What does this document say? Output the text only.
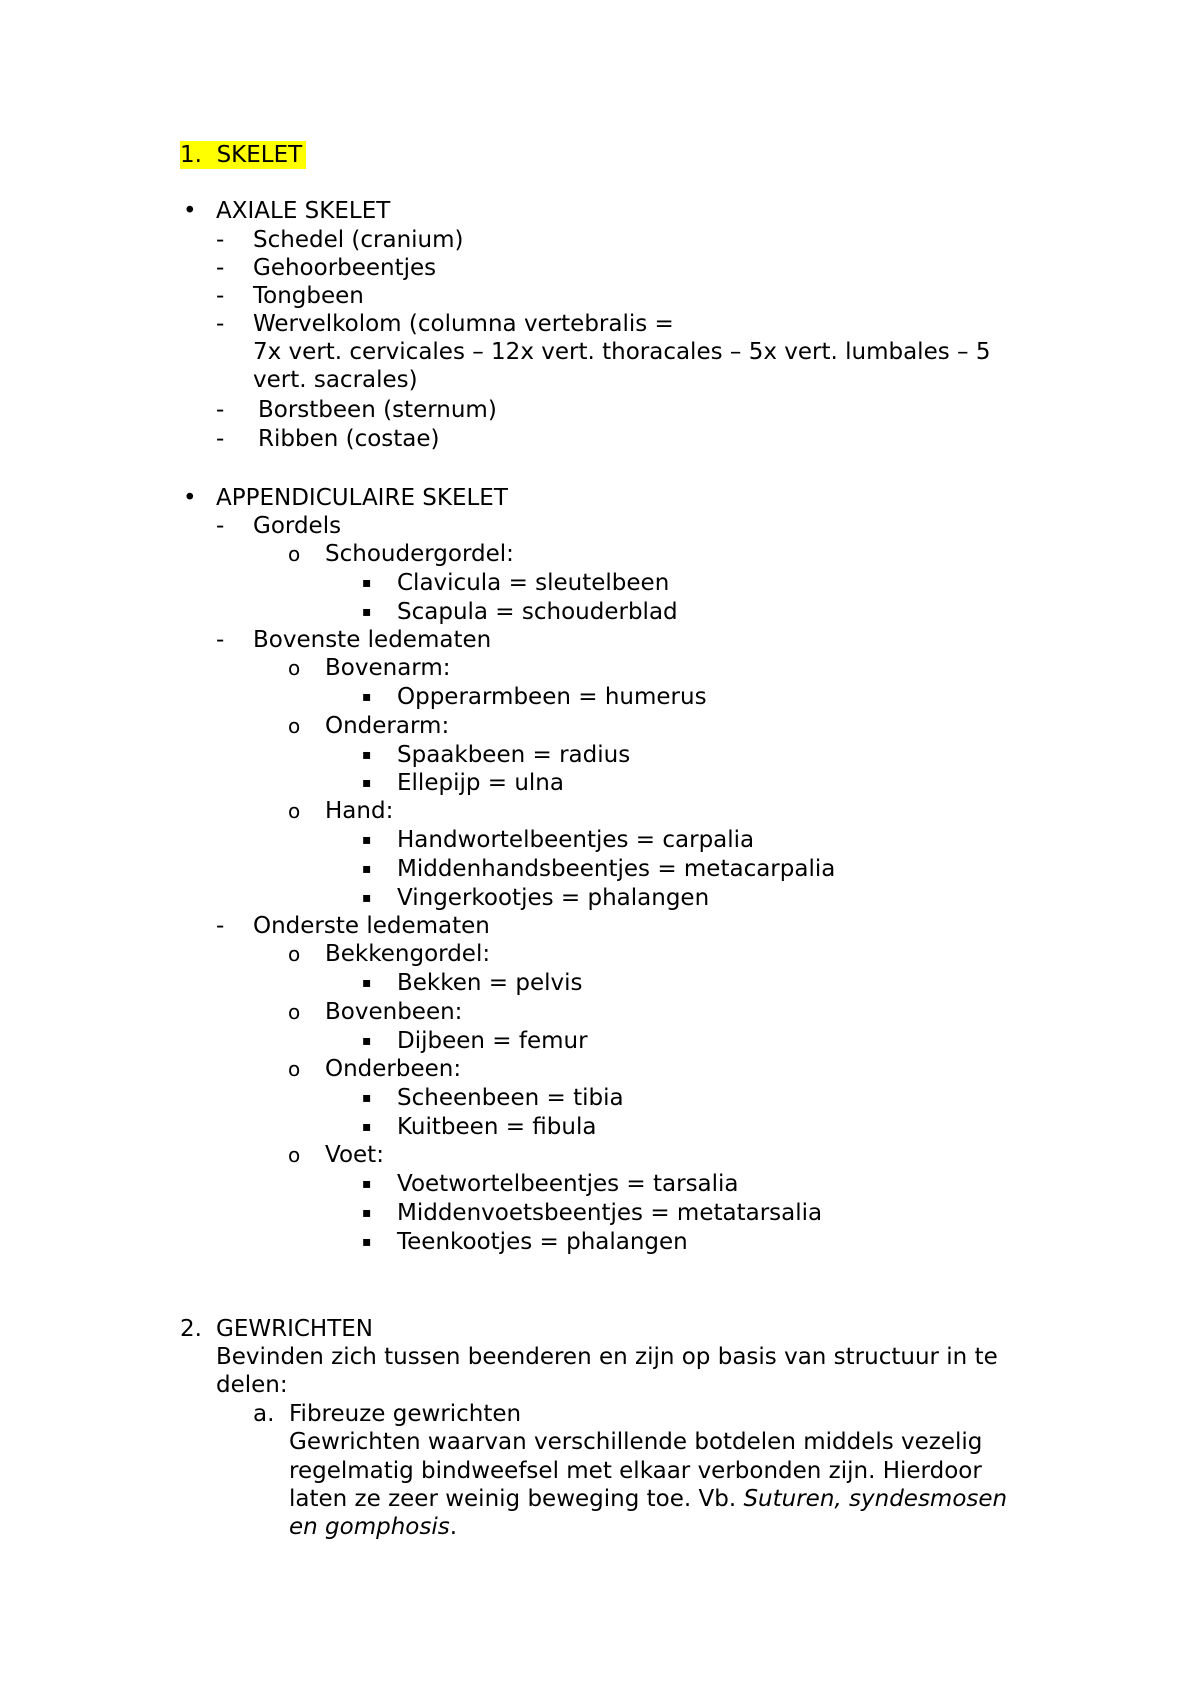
1. SKELET
• AXIALE SKELET
- Schedel (cranium)
- Gehoorbeentjes
- Tongbeen
- Wervelkolom (columna vertebralis =
7x vert. cervicales – 12x vert. thoracales – 5x vert. lumbales – 5
vert. sacrales)
- Borstbeen (sternum)
- Ribben (costae)
• APPENDICULAIRE SKELET
- Gordels
o Schoudergordel:
▪ Clavicula = sleutelbeen
▪ Scapula = schouderblad
- Bovenste ledematen
o Bovenarm:
▪ Opperarmbeen = humerus
o Onderarm:
▪ Spaakbeen = radius
▪ Ellepijp = ulna
o Hand:
▪ Handwortelbeentjes = carpalia
▪ Middenhandsbeentjes = metacarpalia
▪ Vingerkootjes = phalangen
- Onderste ledematen
o Bekkengordel:
▪ Bekken = pelvis
o Bovenbeen:
▪ Dijbeen = femur
o Onderbeen:
▪ Scheenbeen = tibia
▪ Kuitbeen = fibula
o Voet:
▪ Voetwortelbeentjes = tarsalia
▪ Middenvoetsbeentjes = metatarsalia
▪ Teenkootjes = phalangen
2. GEWRICHTEN
Bevinden zich tussen beenderen en zijn op basis van structuur in te
delen:
a. Fibreuze gewrichten
Gewrichten waarvan verschillende botdelen middels vezelig
regelmatig bindweefsel met elkaar verbonden zijn. Hierdoor
laten ze zeer weinig beweging toe. Vb. Suturen, syndesmosen
en gomphosis.
